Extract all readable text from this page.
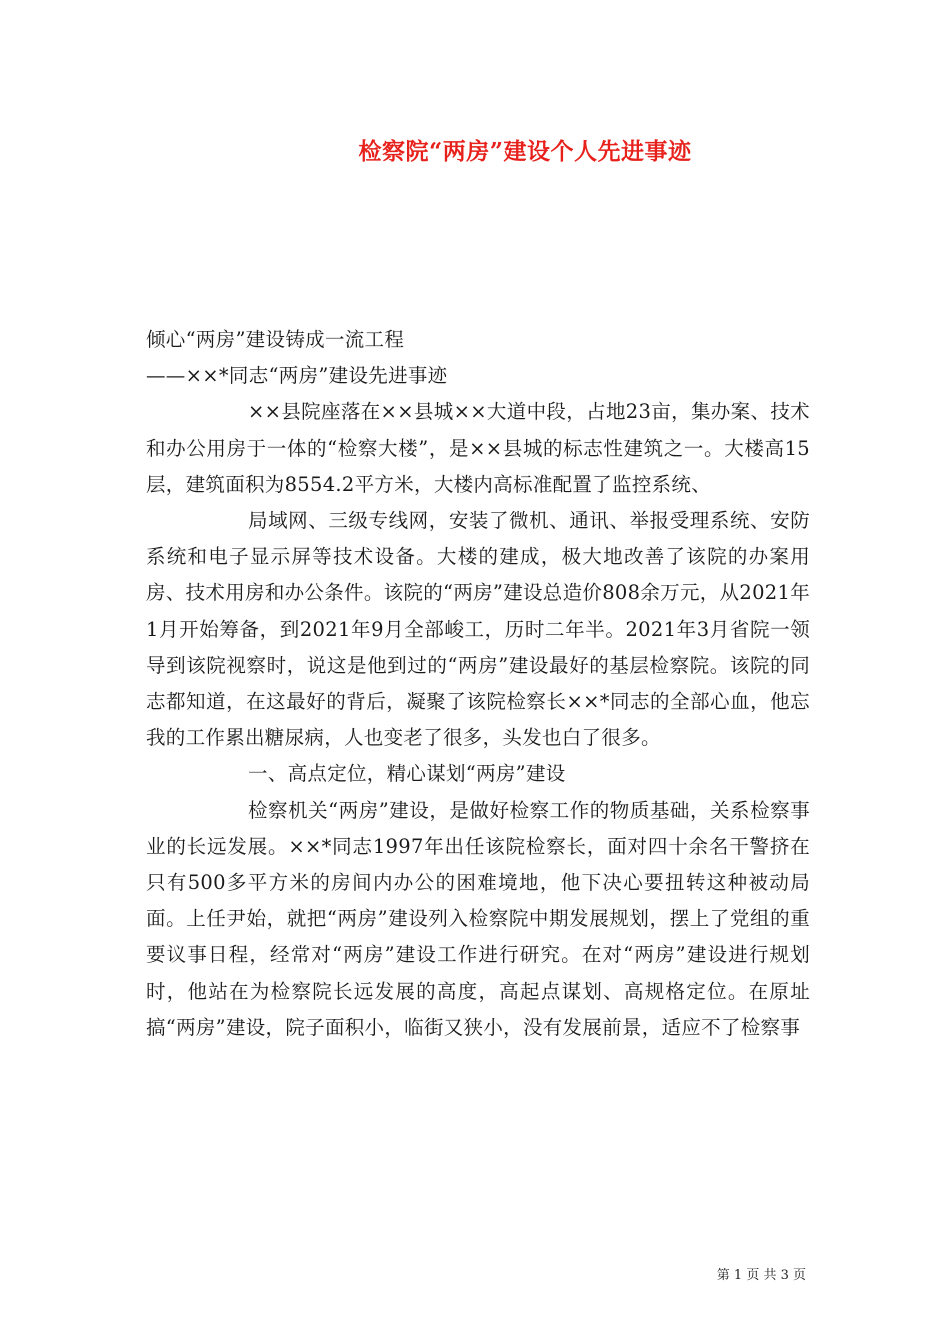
检察院“两房”建设个人先进事迹

倾心“两房”建设铸成一流工程

——××*同志“两房”建设先进事迹

××县院座落在××县城××大道中段，占地23亩，集办案、技术和办公用房于一体的“检察大楼”，是××县城的标志性建筑之一。大楼高15层，建筑面积为8554.2平方米，大楼内高标准配置了监控系统、

局域网、三级专线网，安装了微机、通讯、举报受理系统、安防系统和电子显示屏等技术设备。大楼的建成，极大地改善了该院的办案用房、技术用房和办公条件。该院的“两房”建设总造价808余万元，从2021年1月开始筹备，到2021年9月全部峻工，历时二年半。2021年3月省院一领导到该院视察时，说这是他到过的“两房”建设最好的基层检察院。该院的同志都知道，在这最好的背后，凝聚了该院检察长××*同志的全部心血，他忘我的工作累出糖尿病，人也变老了很多，头发也白了很多。

一、高点定位，精心谋划“两房”建设

检察机关“两房”建设，是做好检察工作的物质基础，关系检察事业的长远发展。××*同志1997年出任该院检察长，面对四十余名干警挤在只有500多平方米的房间内办公的困难境地，他下决心要扭转这种被动局面。上任尹始，就把“两房”建设列入检察院中期发展规划，摆上了党组的重要议事日程，经常对“两房”建设工作进行研究。在对“两房”建设进行规划时，他站在为检察院长远发展的高度，高起点谋划、高规格定位。在原址搞“两房”建设，院子面积小，临街又狭小，没有发展前景，适应不了检察事

第 1 页 共 3 页
